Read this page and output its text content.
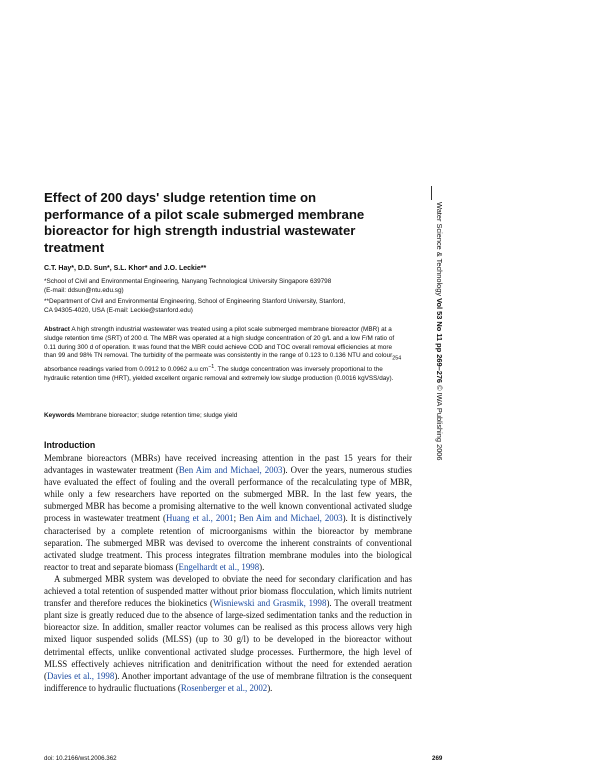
Water Science & Technology Vol 53 No 11 pp 269–276 © IWA Publishing 2006
Effect of 200 days' sludge retention time on performance of a pilot scale submerged membrane bioreactor for high strength industrial wastewater treatment
C.T. Hay*, D.D. Sun*, S.L. Khor* and J.O. Leckie**
*School of Civil and Environmental Engineering, Nanyang Technological University Singapore 639798
(E-mail: ddsun@ntu.edu.sg)
**Department of Civil and Environmental Engineering, School of Engineering Stanford University, Stanford,
CA 94305-4020, USA (E-mail: Leckie@stanford.edu)
Abstract A high strength industrial wastewater was treated using a pilot scale submerged membrane bioreactor (MBR) at a sludge retention time (SRT) of 200 d. The MBR was operated at a high sludge concentration of 20 g/L and a low F/M ratio of 0.11 during 300 d of operation. It was found that the MBR could achieve COD and TOC overall removal efficiencies at more than 99 and 98% TN removal. The turbidity of the permeate was consistently in the range of 0.123 to 0.136 NTU and colour$_{254}$ absorbance readings varied from 0.0912 to 0.0962 a.u $cm^{-1}$. The sludge concentration was inversely proportional to the hydraulic retention time (HRT), yielded excellent organic removal and extremely low sludge production (0.0016 kgVSS/day).
Keywords Membrane bioreactor; sludge retention time; sludge yield
Introduction

Membrane bioreactors (MBRs) have received increasing attention in the past 15 years for their advantages in wastewater treatment (Ben Aim and Michael, 2003). Over the years, numerous studies have evaluated the effect of fouling and the overall performance of the recalculating type of MBR, while only a few researchers have reported on the submerged MBR. In the last few years, the submerged MBR has become a promising alternative to the well known conventional activated sludge process in wastewater treatment (Huang et al., 2001; Ben Aim and Michael, 2003). It is distinctively characterised by a complete retention of microorganisms within the bioreactor by membrane separation. The submerged MBR was devised to overcome the inherent constraints of conventional activated sludge treatment. This process integrates filtration membrane modules into the biological reactor to treat and separate biomass (Engelhardt et al., 1998).

A submerged MBR system was developed to obviate the need for secondary clarification and has achieved a total retention of suspended matter without prior biomass flocculation, which limits nutrient transfer and therefore reduces the biokinetics (Wisniewski and Grasmik, 1998). The overall treatment plant size is greatly reduced due to the absence of large-sized sedimentation tanks and the reduction in bioreactor size. In addition, smaller reactor volumes can be realised as this process allows very high mixed liquor suspended solids (MLSS) (up to 30 g/l) to be developed in the bioreactor without detrimental effects, unlike conventional activated sludge processes. Furthermore, the high level of MLSS effectively achieves nitrification and denitrification without the need for extended aeration (Davies et al., 1998). Another important advantage of the use of membrane filtration is the consequent indifference to hydraulic fluctuations (Rosenberger et al., 2002).

doi: 10.2166/wst.2006.362	269
